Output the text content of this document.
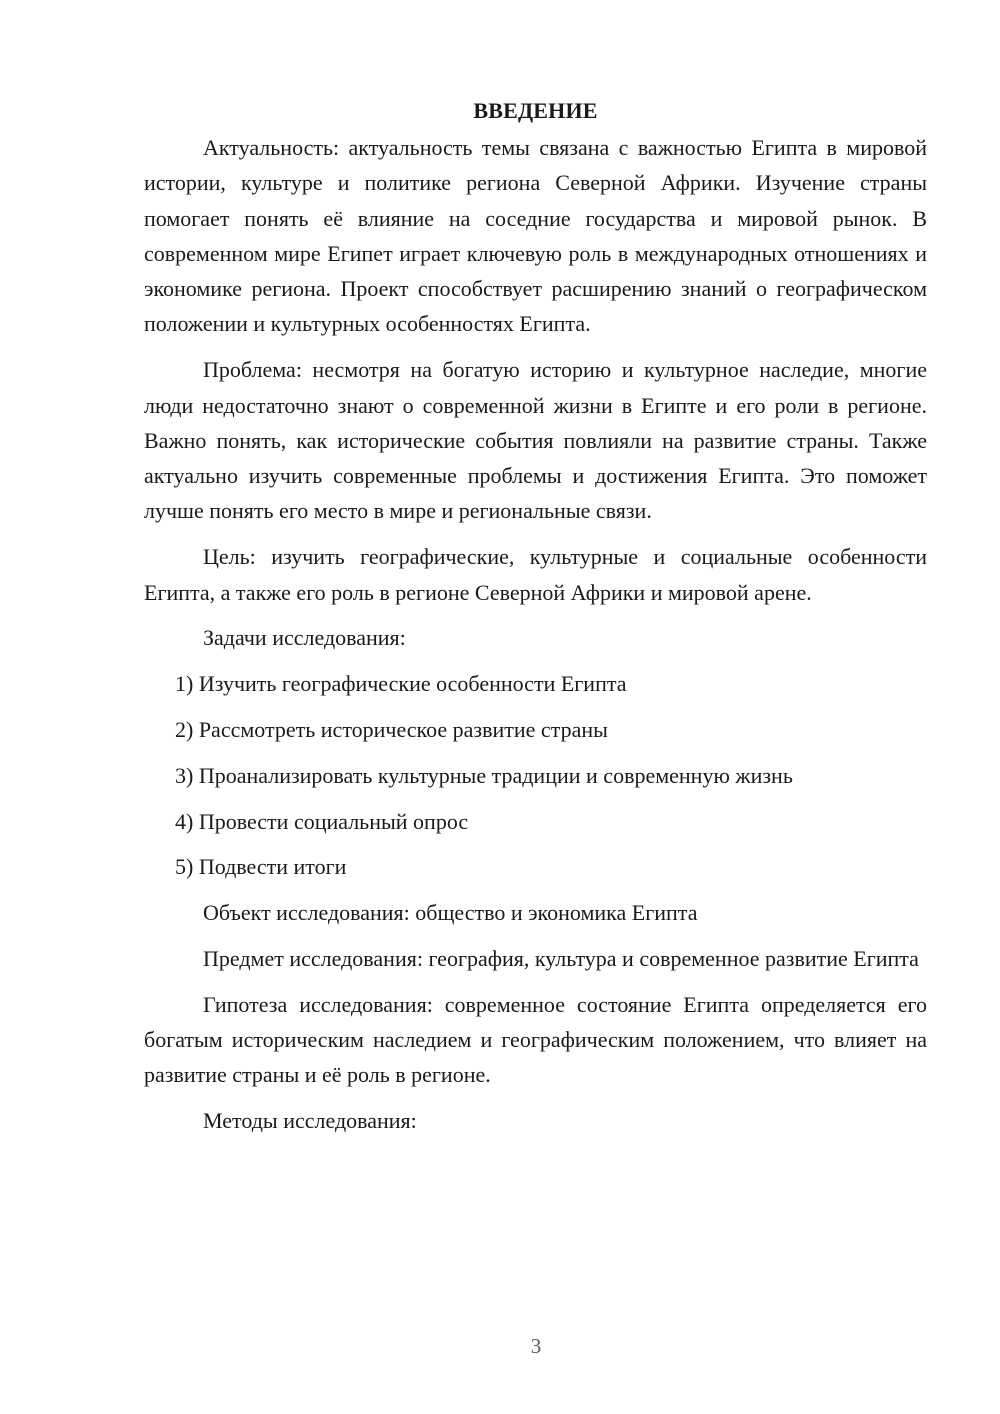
ВВЕДЕНИЕ

Актуальность: актуальность темы связана с важностью Египта в мировой истории, культуре и политике региона Северной Африки. Изучение страны помогает понять её влияние на соседние государства и мировой рынок. В современном мире Египет играет ключевую роль в международных отношениях и экономике региона. Проект способствует расширению знаний о географическом положении и культурных особенностях Египта.

Проблема: несмотря на богатую историю и культурное наследие, многие люди недостаточно знают о современной жизни в Египте и его роли в регионе. Важно понять, как исторические события повлияли на развитие страны. Также актуально изучить современные проблемы и достижения Египта. Это поможет лучше понять его место в мире и региональные связи.

Цель: изучить географические, культурные и социальные особенности Египта, а также его роль в регионе Северной Африки и мировой арене.

Задачи исследования:

1) Изучить географические особенности Египта

2) Рассмотреть историческое развитие страны

3) Проанализировать культурные традиции и современную жизнь

4) Провести социальный опрос

5) Подвести итоги

Объект исследования: общество и экономика Египта

Предмет исследования: география, культура и современное развитие Египта

Гипотеза исследования: современное состояние Египта определяется его богатым историческим наследием и географическим положением, что влияет на развитие страны и её роль в регионе.

Методы исследования:

3
